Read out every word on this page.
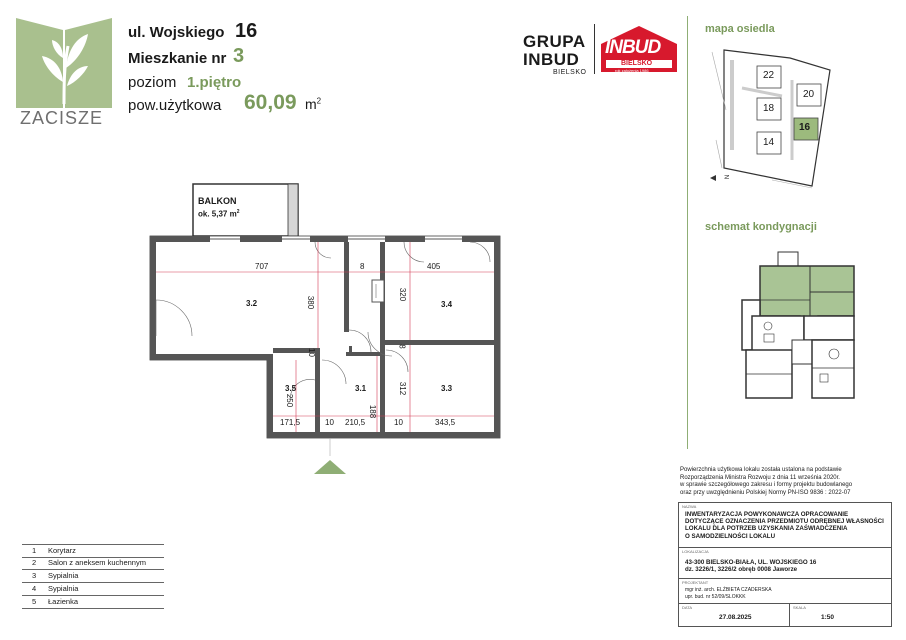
ZACISZE
ul. Wojskiego 16
Mieszkanie nr 3
poziom 1.piętro
pow.użytkowa 60,09 $m^2$
GRUPA
INBUD
BIELSKO
INBUD
BIELSKO
rok założenia 1986
mapa osiedla
22
20
18
16
14
N
schemat kondygnacji
BALKON
ok. 5,37 $m^2$
3.2	3.4
3.5	3.1	3.3
707	8	405
380
320
10
8
250
188
312
171,5	10 210,5	10	343,5
1 Korytarz
2 Salon z aneksem kuchennym
3 Sypialnia
4 Sypialnia
5 Łazienka
Powierzchnia użytkowa lokalu została ustalona na podstawie
Rozporządzenia Ministra Rozwoju z dnia 11 września 2020r.
w sprawie szczegółowego zakresu i formy projektu budowlanego
oraz przy uwzględnieniu Polskiej Normy PN-ISO 9836 : 2022-07
NAZWA
INWENTARYZACJA POWYKONAWCZA OPRACOWANIE
DOTYCZĄCE OZNACZENIA PRZEDMIOTU ODRĘBNEJ WŁASNOŚCI
LOKALU DLA POTRZEB UZYSKANIA ZAŚWIADCZENIA
O SAMODZIELNOŚCI LOKALU
LOKALIZACJA
43-300 BIELSKO-BIAŁA, UL. WOJSKIEGO 16
dz. 3226/1, 3226/2 obręb 0008 Jaworze
PROJEKTANT
mgr inż. arch. ELŻBIETA CZADERSKA
upr. bud. nr 52/09/SLOKKK
DATA
27.08.2025
SKALA
1:50
